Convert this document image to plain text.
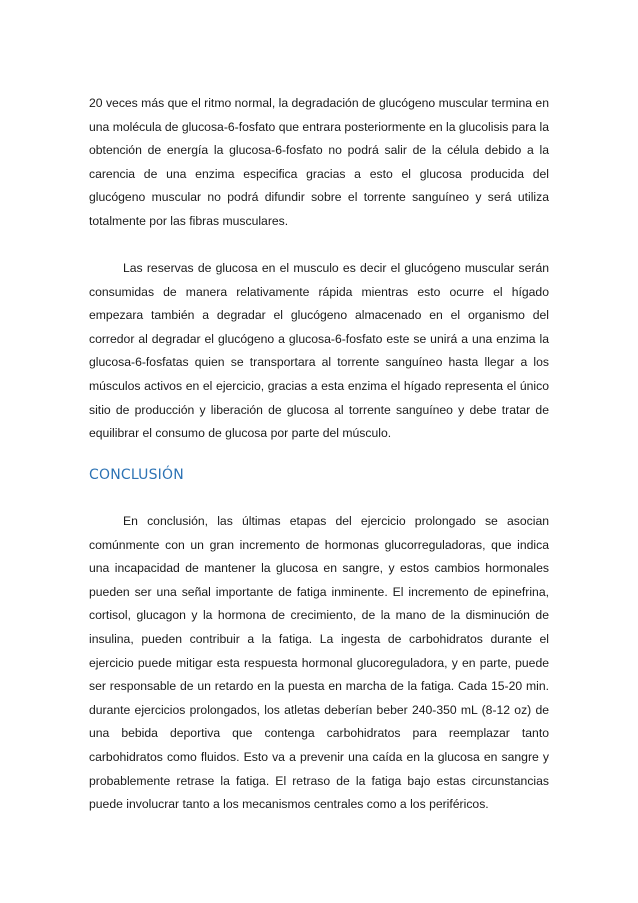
20 veces más que el ritmo normal, la degradación de glucógeno muscular termina en una molécula de glucosa-6-fosfato que entrara posteriormente en la glucolisis para la obtención de energía la glucosa-6-fosfato no podrá salir de la célula debido a la carencia de una enzima especifica gracias a esto el glucosa producida del glucógeno muscular no podrá difundir sobre el torrente sanguíneo y será utiliza totalmente por las fibras musculares.

Las reservas de glucosa en el musculo es decir el glucógeno muscular serán consumidas de manera relativamente rápida mientras esto ocurre el hígado empezara también a degradar el glucógeno almacenado en el organismo del corredor al degradar el glucógeno a glucosa-6-fosfato este se unirá a una enzima la glucosa-6-fosfatas quien se transportara al torrente sanguíneo hasta llegar a los músculos activos en el ejercicio, gracias a esta enzima el hígado representa el único sitio de producción y liberación de glucosa al torrente sanguíneo y debe tratar de equilibrar el consumo de glucosa por parte del músculo.

CONCLUSIÓN

En conclusión, las últimas etapas del ejercicio prolongado se asocian comúnmente con un gran incremento de hormonas glucorreguladoras, que indica una incapacidad de mantener la glucosa en sangre, y estos cambios hormonales pueden ser una señal importante de fatiga inminente. El incremento de epinefrina, cortisol, glucagon y la hormona de crecimiento, de la mano de la disminución de insulina, pueden contribuir a la fatiga. La ingesta de carbohidratos durante el ejercicio puede mitigar esta respuesta hormonal glucoreguladora, y en parte, puede ser responsable de un retardo en la puesta en marcha de la fatiga. Cada 15-20 min. durante ejercicios prolongados, los atletas deberían beber 240-350 mL (8-12 oz) de una bebida deportiva que contenga carbohidratos para reemplazar tanto carbohidratos como fluidos. Esto va a prevenir una caída en la glucosa en sangre y probablemente retrase la fatiga. El retraso de la fatiga bajo estas circunstancias puede involucrar tanto a los mecanismos centrales como a los periféricos.
